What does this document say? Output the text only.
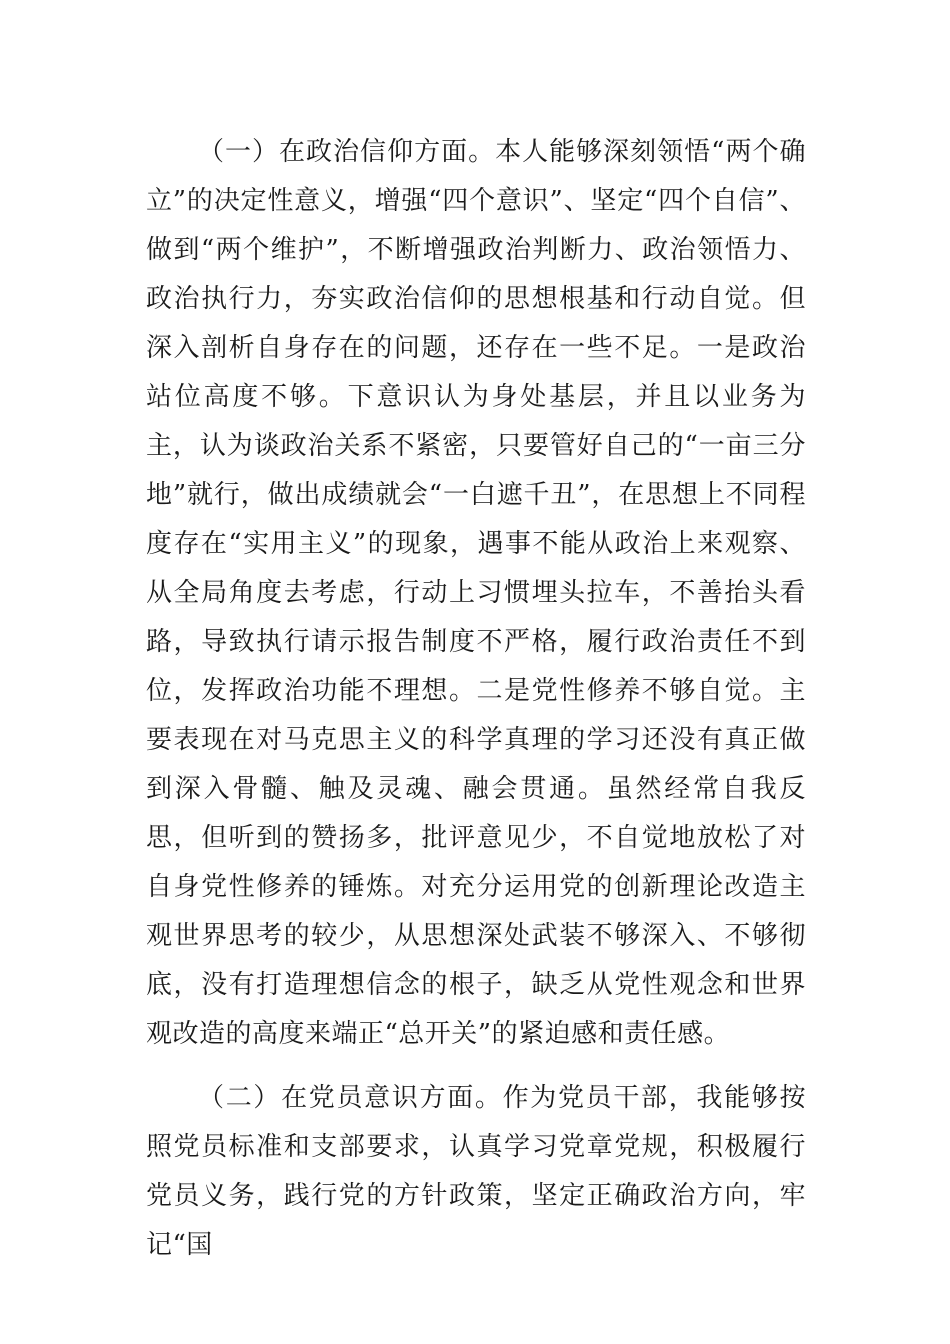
（一）在政治信仰方面。本人能够深刻领悟“两个确立”的决定性意义，增强“四个意识”、坚定“四个自信”、做到“两个维护”，不断增强政治判断力、政治领悟力、政治执行力，夯实政治信仰的思想根基和行动自觉。但深入剖析自身存在的问题，还存在一些不足。一是政治站位高度不够。下意识认为身处基层，并且以业务为主，认为谈政治关系不紧密，只要管好自己的“一亩三分地”就行，做出成绩就会“一白遮千丑”，在思想上不同程度存在“实用主义”的现象，遇事不能从政治上来观察、从全局角度去考虑，行动上习惯埋头拉车，不善抬头看路，导致执行请示报告制度不严格，履行政治责任不到位，发挥政治功能不理想。二是党性修养不够自觉。主要表现在对马克思主义的科学真理的学习还没有真正做到深入骨髓、触及灵魂、融会贯通。虽然经常自我反思，但听到的赞扬多，批评意见少，不自觉地放松了对自身党性修养的锤炼。对充分运用党的创新理论改造主观世界思考的较少，从思想深处武装不够深入、不够彻底，没有打造理想信念的根子，缺乏从党性观念和世界观改造的高度来端正“总开关”的紧迫感和责任感。

（二）在党员意识方面。作为党员干部，我能够按照党员标准和支部要求，认真学习党章党规，积极履行党员义务，践行党的方针政策，坚定正确政治方向，牢记“国
